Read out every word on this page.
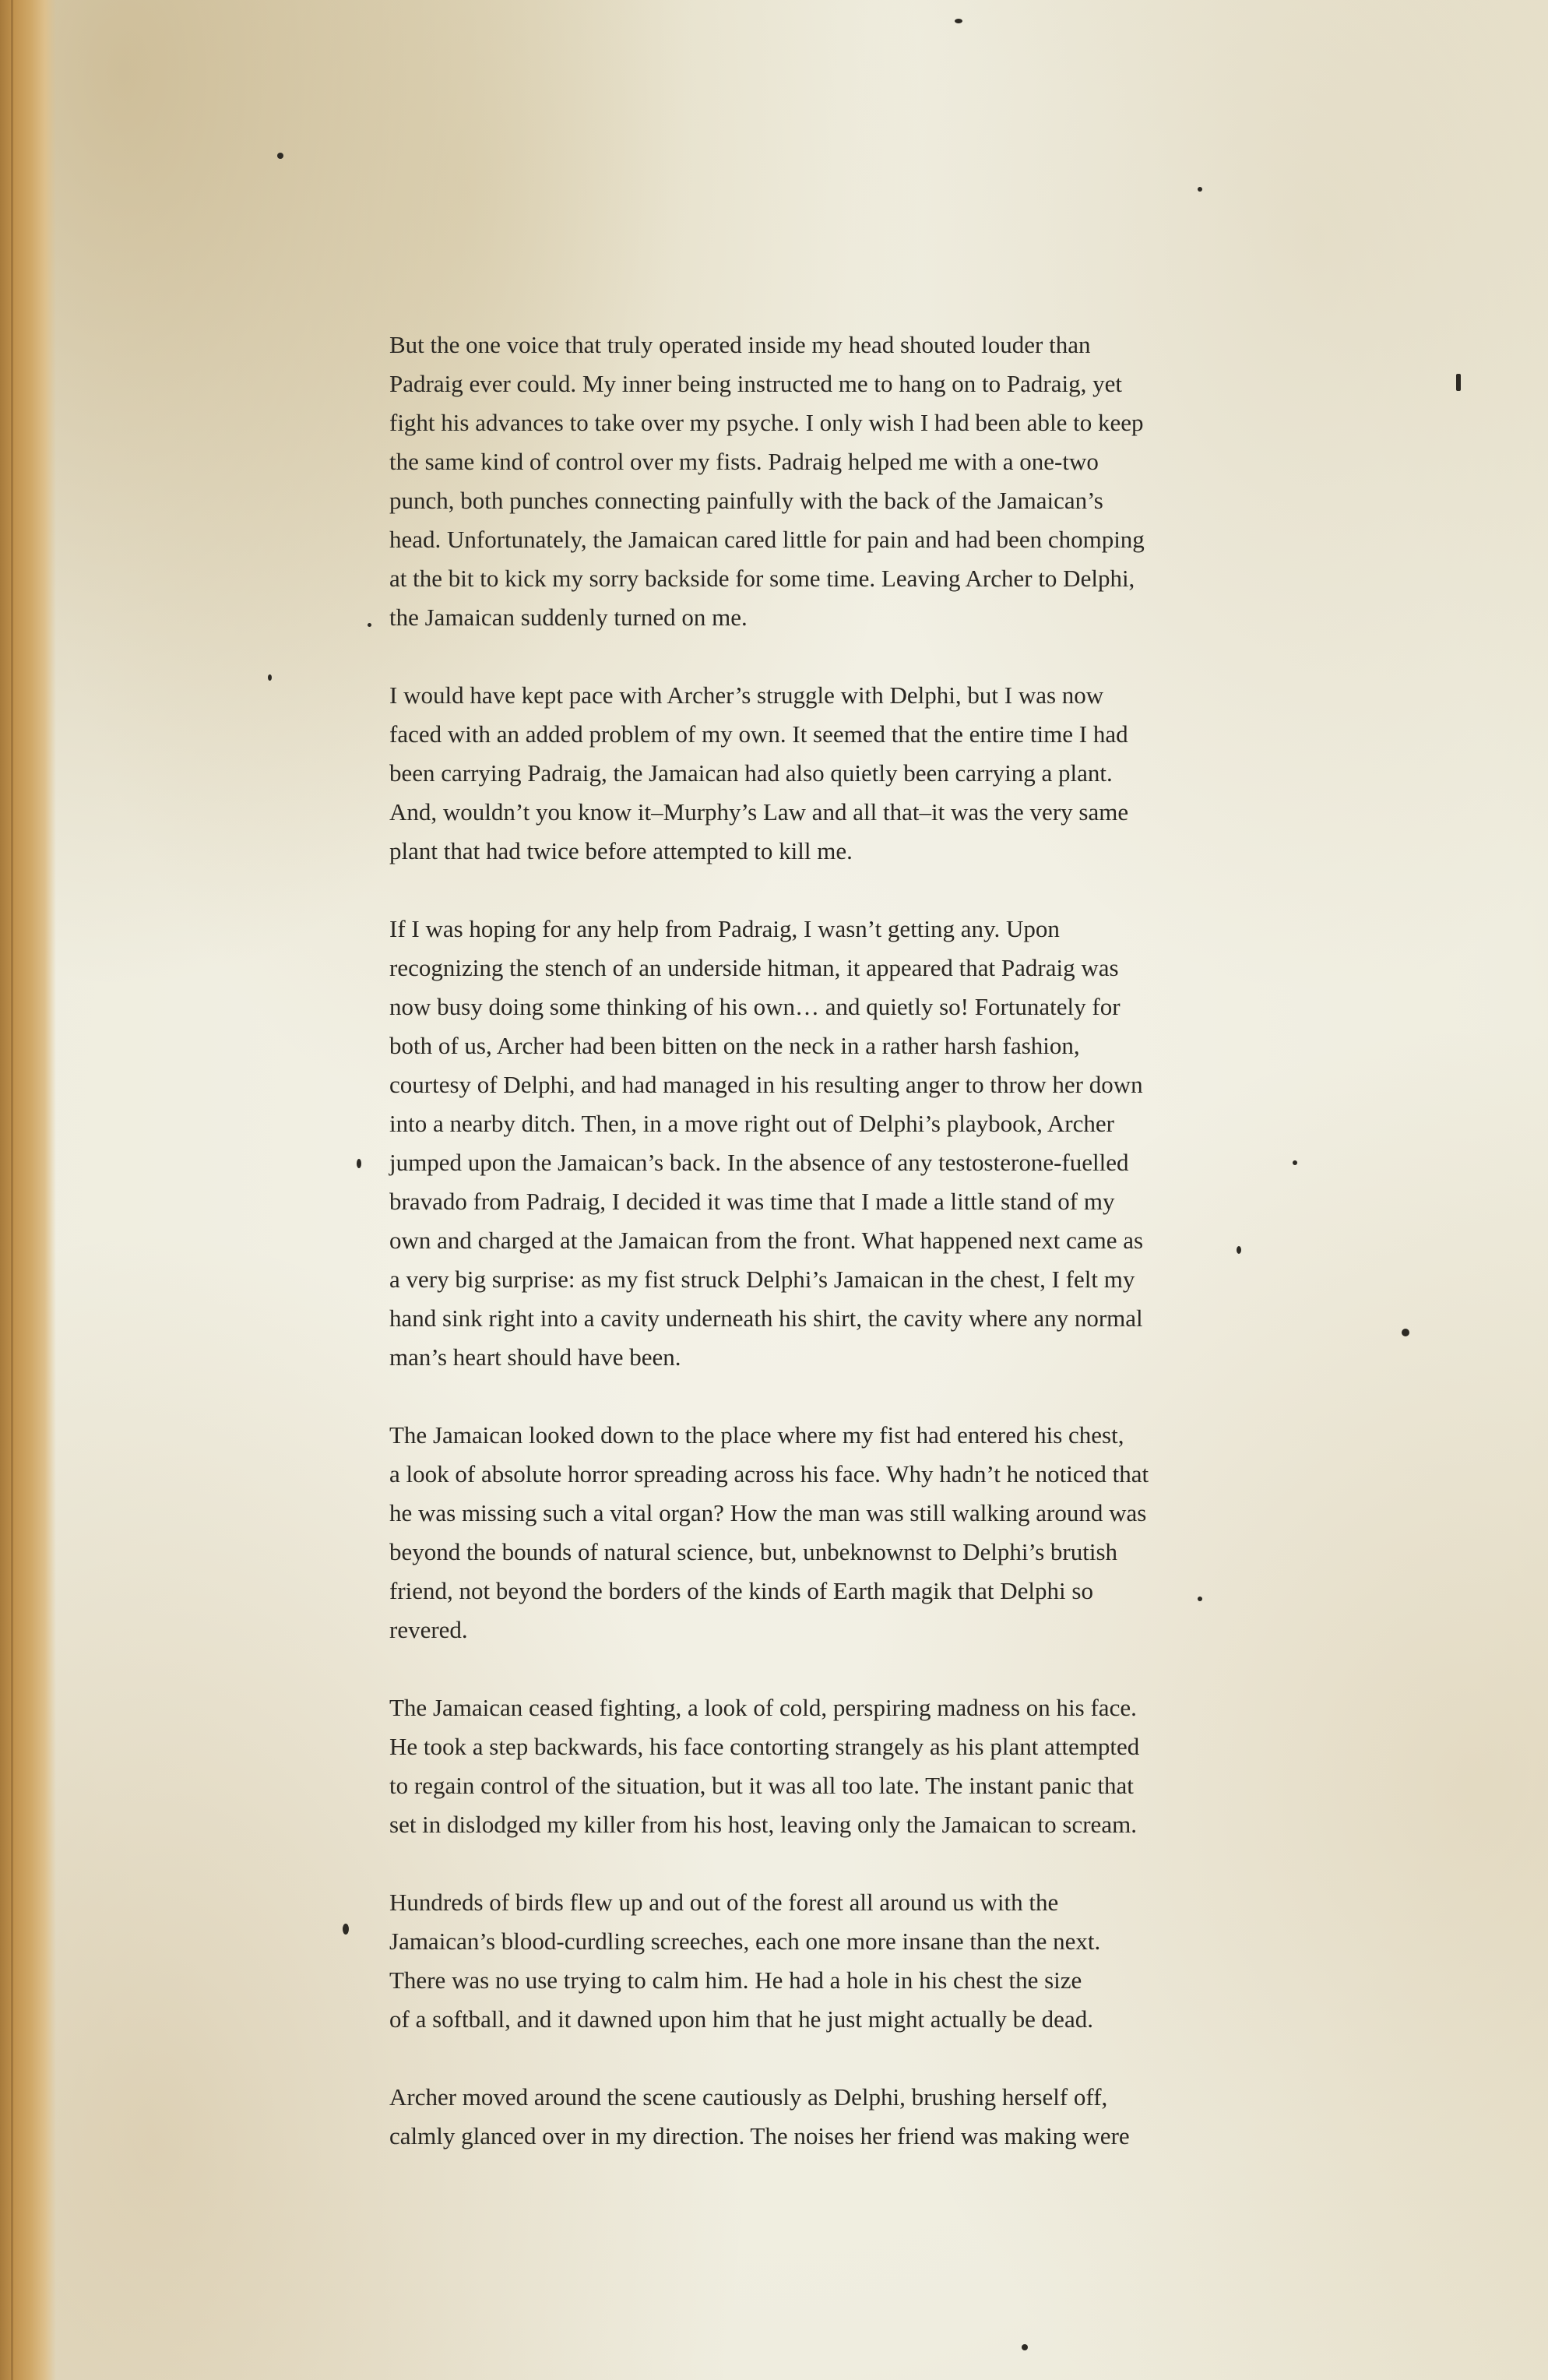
But the one voice that truly operated inside my head shouted louder than
Padraig ever could. My inner being instructed me to hang on to Padraig, yet
fight his advances to take over my psyche. I only wish I had been able to keep
the same kind of control over my fists. Padraig helped me with a one-two
punch, both punches connecting painfully with the back of the Jamaican’s
head. Unfortunately, the Jamaican cared little for pain and had been chomping
at the bit to kick my sorry backside for some time. Leaving Archer to Delphi,
the Jamaican suddenly turned on me.

I would have kept pace with Archer’s struggle with Delphi, but I was now
faced with an added problem of my own. It seemed that the entire time I had
been carrying Padraig, the Jamaican had also quietly been carrying a plant.
And, wouldn’t you know it–Murphy’s Law and all that–it was the very same
plant that had twice before attempted to kill me.

If I was hoping for any help from Padraig, I wasn’t getting any. Upon
recognizing the stench of an underside hitman, it appeared that Padraig was
now busy doing some thinking of his own… and quietly so! Fortunately for
both of us, Archer had been bitten on the neck in a rather harsh fashion,
courtesy of Delphi, and had managed in his resulting anger to throw her down
into a nearby ditch. Then, in a move right out of Delphi’s playbook, Archer
jumped upon the Jamaican’s back. In the absence of any testosterone-fuelled
bravado from Padraig, I decided it was time that I made a little stand of my
own and charged at the Jamaican from the front. What happened next came as
a very big surprise: as my fist struck Delphi’s Jamaican in the chest, I felt my
hand sink right into a cavity underneath his shirt, the cavity where any normal
man’s heart should have been.

The Jamaican looked down to the place where my fist had entered his chest,
a look of absolute horror spreading across his face. Why hadn’t he noticed that
he was missing such a vital organ? How the man was still walking around was
beyond the bounds of natural science, but, unbeknownst to Delphi’s brutish
friend, not beyond the borders of the kinds of Earth magik that Delphi so
revered.

The Jamaican ceased fighting, a look of cold, perspiring madness on his face.
He took a step backwards, his face contorting strangely as his plant attempted
to regain control of the situation, but it was all too late. The instant panic that
set in dislodged my killer from his host, leaving only the Jamaican to scream.

Hundreds of birds flew up and out of the forest all around us with the
Jamaican’s blood-curdling screeches, each one more insane than the next.
There was no use trying to calm him. He had a hole in his chest the size
of a softball, and it dawned upon him that he just might actually be dead.

Archer moved around the scene cautiously as Delphi, brushing herself off,
calmly glanced over in my direction. The noises her friend was making were
